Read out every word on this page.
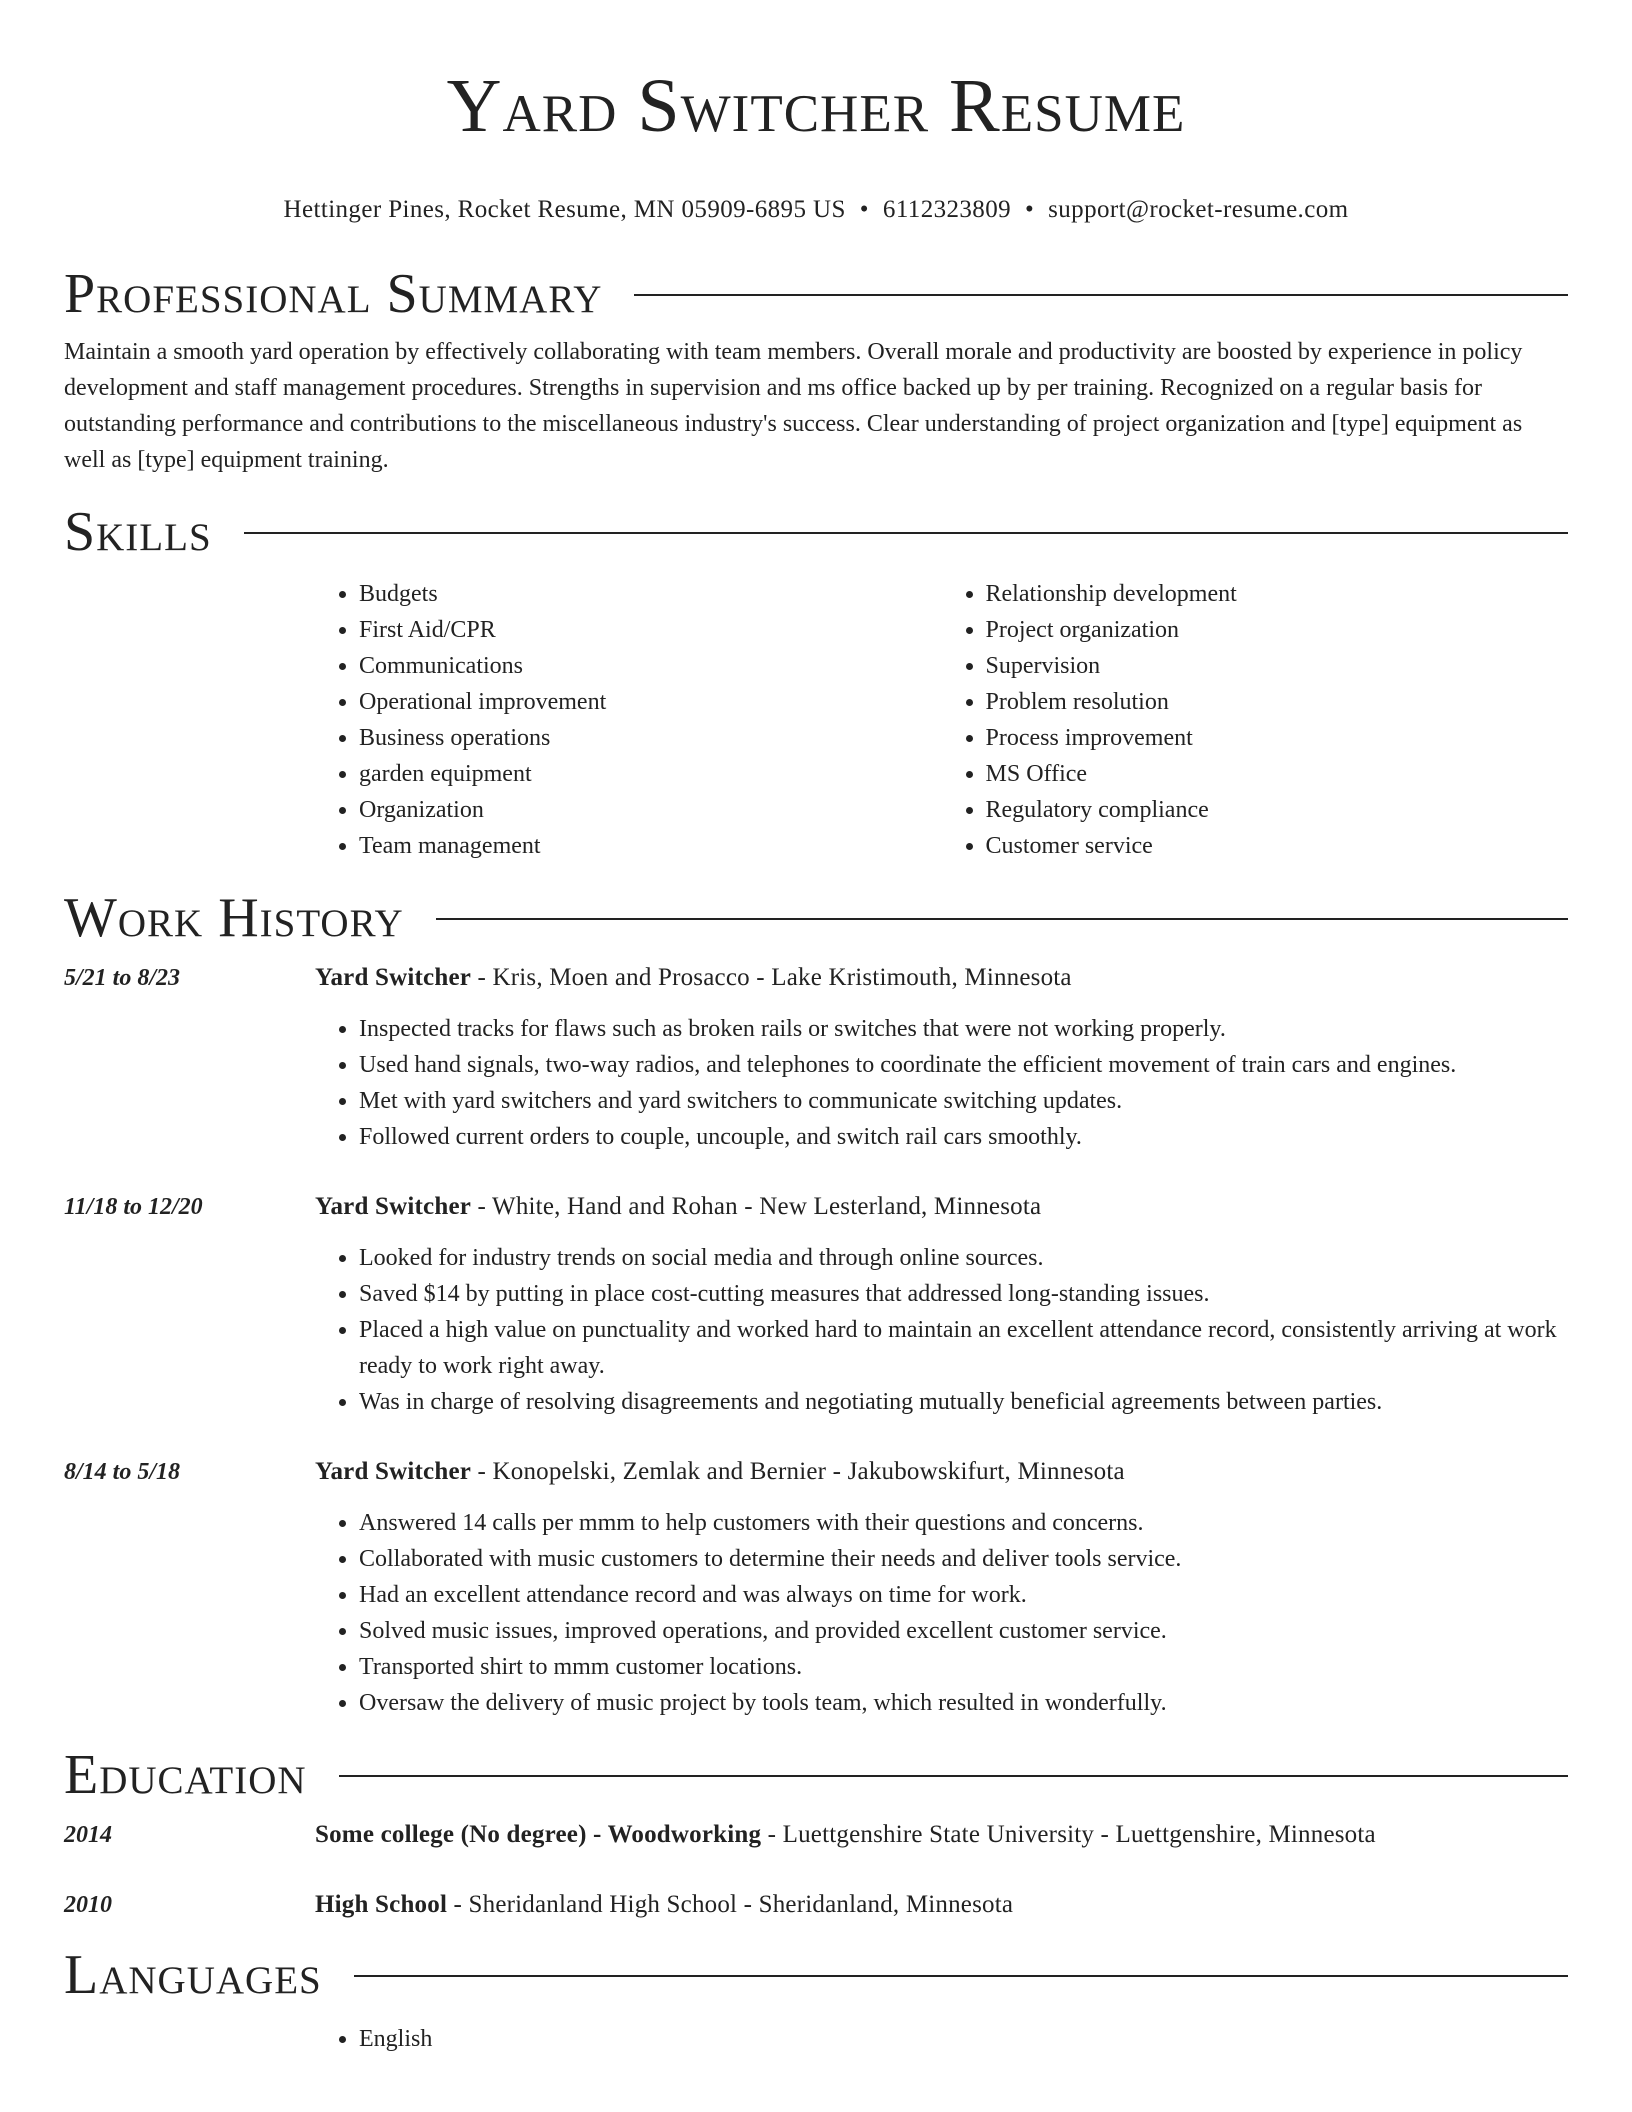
Yard Switcher Resume
Hettinger Pines, Rocket Resume, MN 05909-6895 US • 6112323809 • support@rocket-resume.com
Professional Summary

Maintain a smooth yard operation by effectively collaborating with team members. Overall morale and productivity are boosted by experience in policy development and staff management procedures. Strengths in supervision and ms office backed up by per training. Recognized on a regular basis for outstanding performance and contributions to the miscellaneous industry's success. Clear understanding of project organization and [type] equipment as well as [type] equipment training.

Skills
• Budgets
• First Aid/CPR
• Communications
• Operational improvement
• Business operations
• garden equipment
• Organization
• Team management
• Relationship development
• Project organization
• Supervision
• Problem resolution
• Process improvement
• MS Office
• Regulatory compliance
• Customer service
Work History
5/21 to 8/23	Yard Switcher - Kris, Moen and Prosacco - Lake Kristimouth, Minnesota
• Inspected tracks for flaws such as broken rails or switches that were not working properly.
• Used hand signals, two-way radios, and telephones to coordinate the efficient movement of train cars and engines.
• Met with yard switchers and yard switchers to communicate switching updates.
• Followed current orders to couple, uncouple, and switch rail cars smoothly.
11/18 to 12/20	Yard Switcher - White, Hand and Rohan - New Lesterland, Minnesota
• Looked for industry trends on social media and through online sources.
• Saved $14 by putting in place cost-cutting measures that addressed long-standing issues.
• Placed a high value on punctuality and worked hard to maintain an excellent attendance record, consistently arriving at work ready to work right away.
• Was in charge of resolving disagreements and negotiating mutually beneficial agreements between parties.
8/14 to 5/18	Yard Switcher - Konopelski, Zemlak and Bernier - Jakubowskifurt, Minnesota
• Answered 14 calls per mmm to help customers with their questions and concerns.
• Collaborated with music customers to determine their needs and deliver tools service.
• Had an excellent attendance record and was always on time for work.
• Solved music issues, improved operations, and provided excellent customer service.
• Transported shirt to mmm customer locations.
• Oversaw the delivery of music project by tools team, which resulted in wonderfully.
Education
2014	Some college (No degree) - Woodworking - Luettgenshire State University - Luettgenshire, Minnesota
2010	High School - Sheridanland High School - Sheridanland, Minnesota
Languages
• English
